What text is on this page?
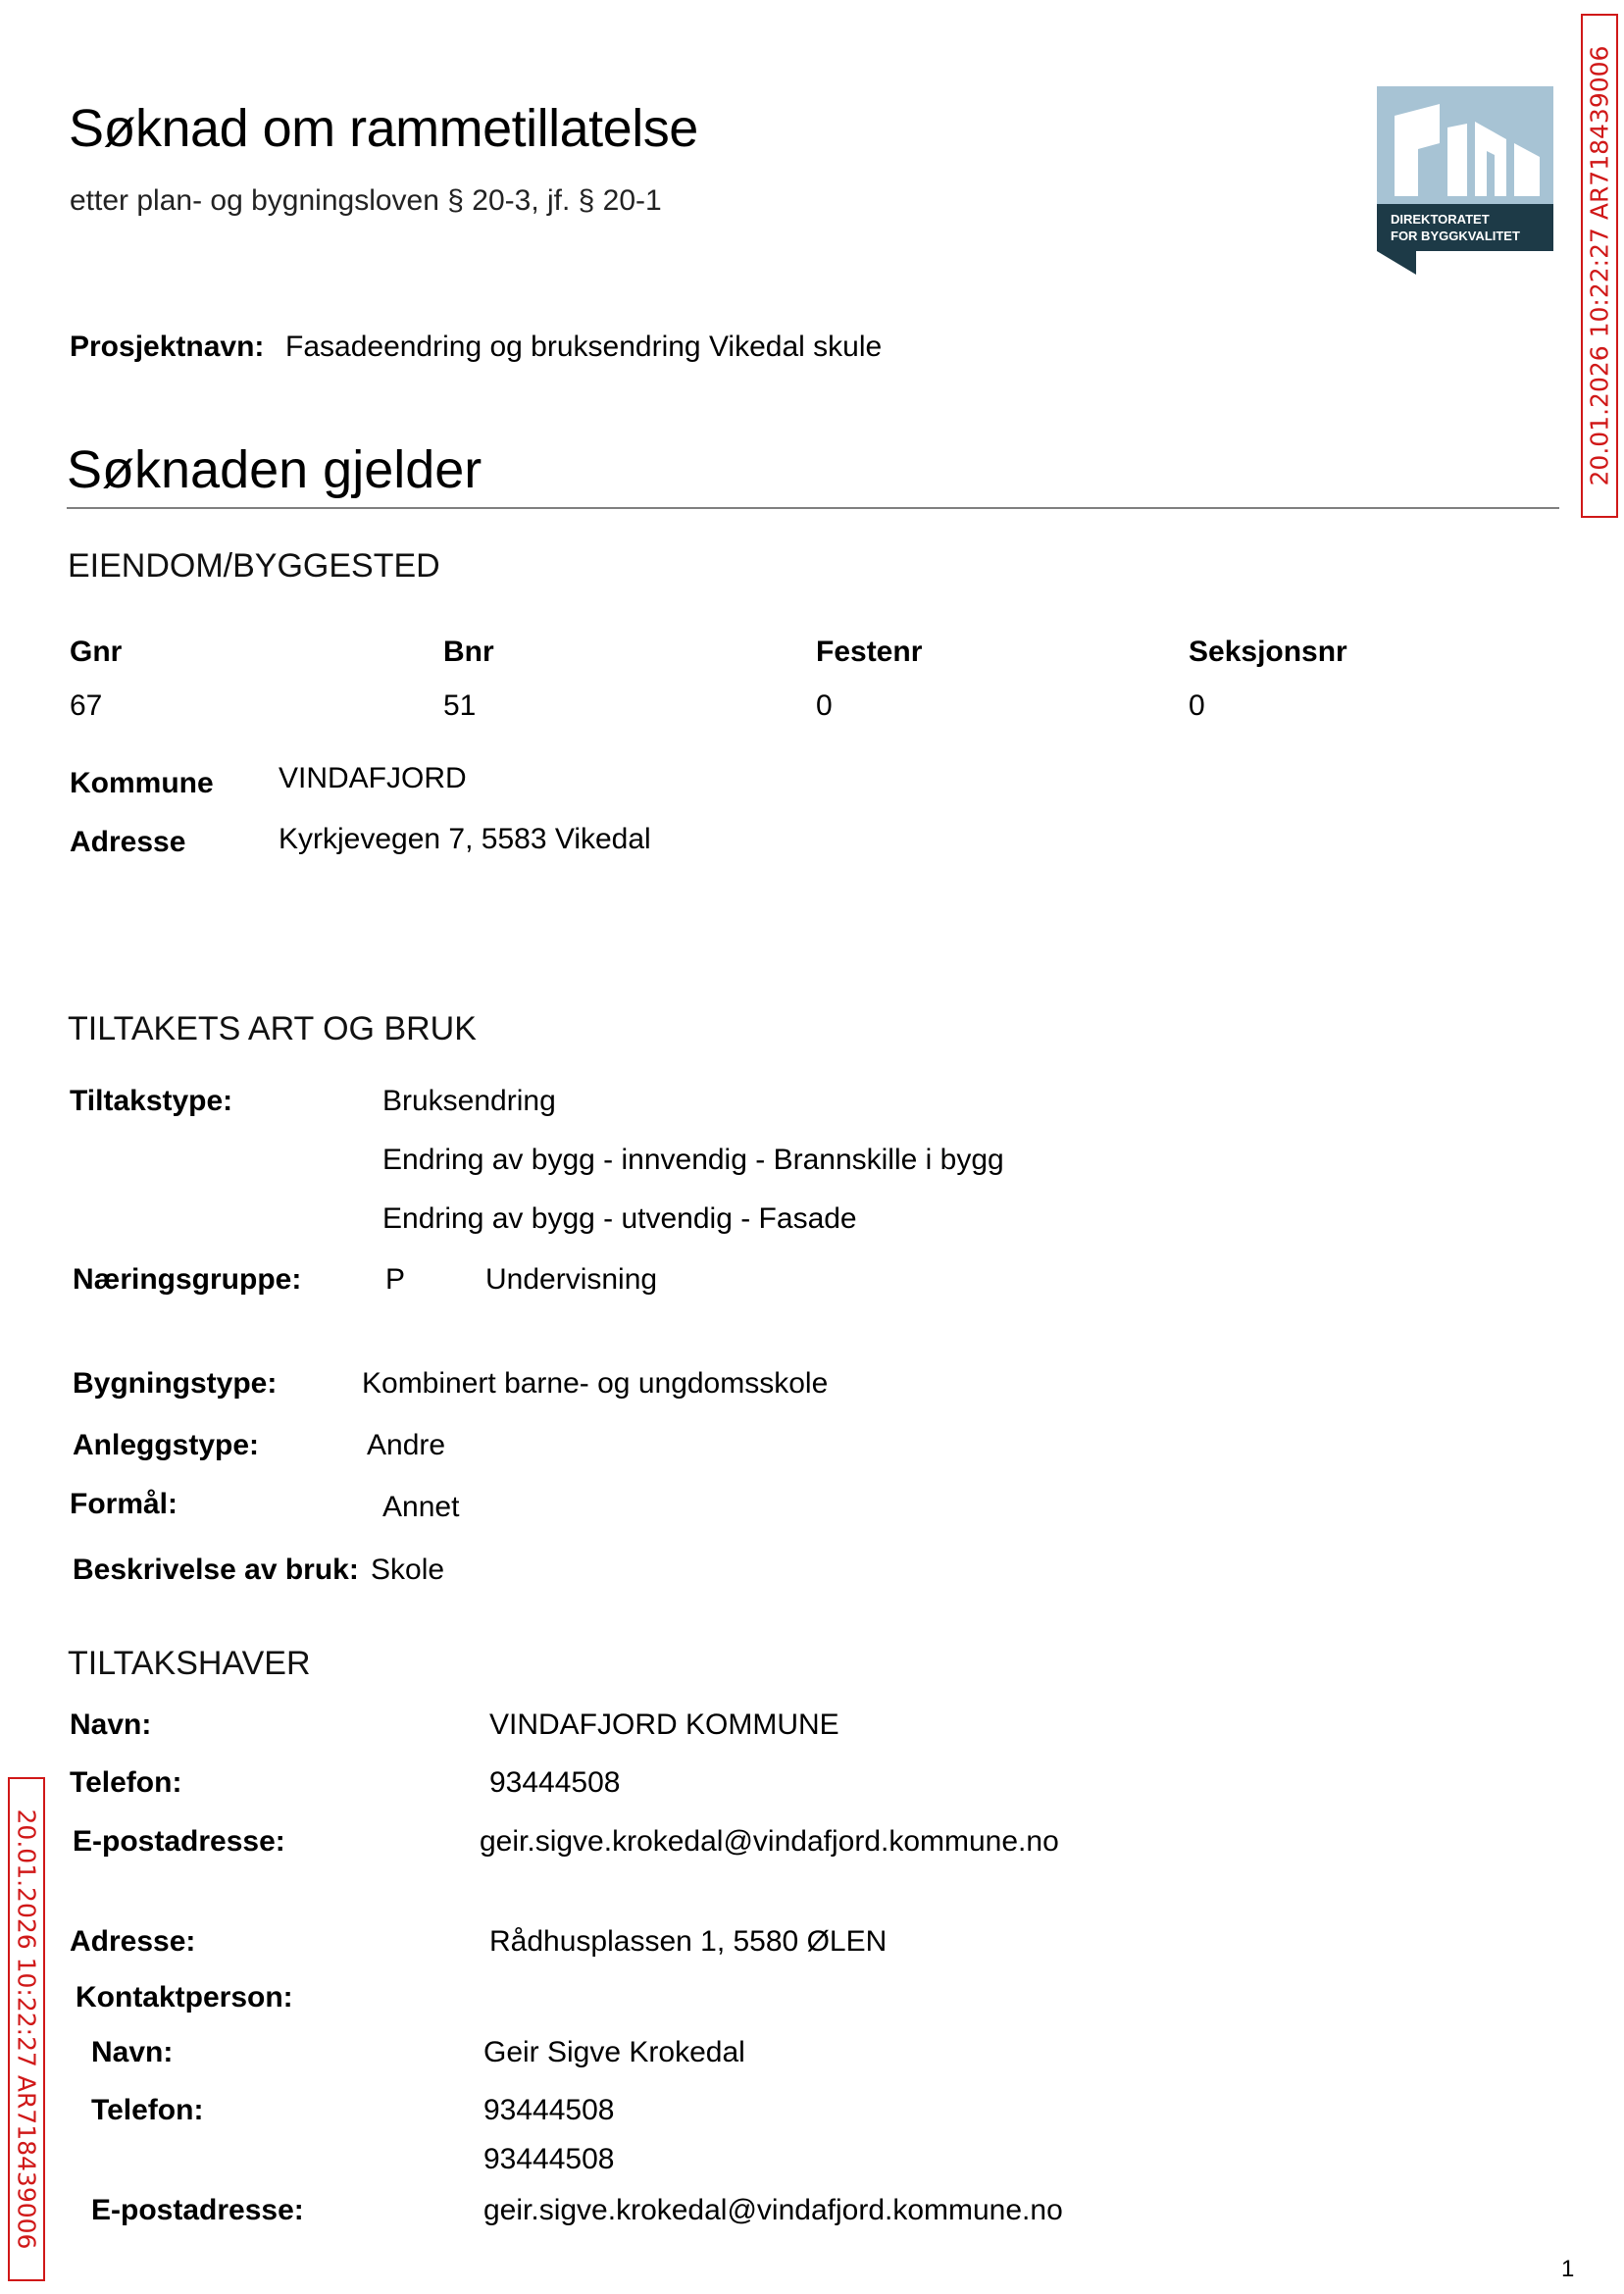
Søknad om rammetillatelse
etter plan- og bygningsloven § 20-3, jf. § 20-1
DIREKTORATET
FOR BYGGKVALITET	20.01.2026 10:22:27 AR718439006
Prosjektnavn: Fasadeendring og bruksendring Vikedal skule
Søknaden gjelder
EIENDOM/BYGGESTED
Gnr	Bnr	Festenr	Seksjonsnr
67	51	0	0
Kommune VINDAFJORD
Adresse	Kyrkjevegen 7, 5583 Vikedal
TILTAKETS ART OG BRUK
Tiltakstype:	Bruksendring
Endring av bygg - innvendig - Brannskille i bygg
Endring av bygg - utvendig - Fasade
Næringsgruppe:	P	Undervisning
Bygningstype:	Kombinert barne- og ungdomsskole
Anleggstype:	Andre
Formål:	Annet
Beskrivelse av bruk: Skole
TILTAKSHAVER
Navn:	VINDAFJORD KOMMUNE
Telefon:	93444508
E-postadresse:	geir.sigve.krokedal@vindafjord.kommune.no
Adresse:	Rådhusplassen 1, 5580 ØLEN
Kontaktperson:
Navn:	Geir Sigve Krokedal
Telefon:	93444508
93444508
E-postadresse:	geir.sigve.krokedal@vindafjord.kommune.no
20.01.2026 10:22:27 AR718439006
1
